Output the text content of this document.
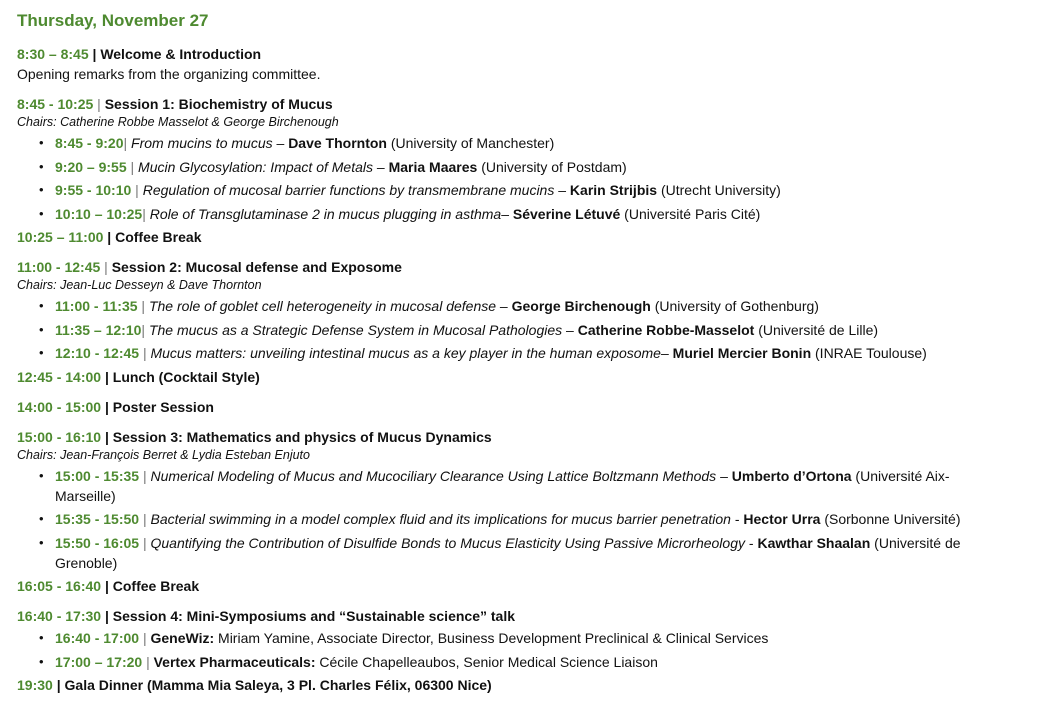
Thursday, November 27
8:30 – 8:45 | Welcome & Introduction
Opening remarks from the organizing committee.
8:45 - 10:25 | Session 1: Biochemistry of Mucus
Chairs: Catherine Robbe Masselot & George Birchenough
• 8:45 - 9:20| From mucins to mucus – Dave Thornton (University of Manchester)
• 9:20 – 9:55 | Mucin Glycosylation: Impact of Metals – Maria Maares (University of Postdam)
• 9:55 - 10:10 | Regulation of mucosal barrier functions by transmembrane mucins – Karin Strijbis (Utrecht University)
• 10:10 – 10:25| Role of Transglutaminase 2 in mucus plugging in asthma– Séverine Létuvé (Université Paris Cité)
10:25 – 11:00 | Coffee Break
11:00 - 12:45 | Session 2: Mucosal defense and Exposome
Chairs: Jean-Luc Desseyn & Dave Thornton
• 11:00 - 11:35 | The role of goblet cell heterogeneity in mucosal defense – George Birchenough (University of Gothenburg)
• 11:35 – 12:10| The mucus as a Strategic Defense System in Mucosal Pathologies – Catherine Robbe-Masselot (Université de Lille)
• 12:10 - 12:45 | Mucus matters: unveiling intestinal mucus as a key player in the human exposome– Muriel Mercier Bonin (INRAE Toulouse)
12:45 - 14:00 | Lunch (Cocktail Style)
14:00 - 15:00 | Poster Session
15:00 - 16:10 | Session 3: Mathematics and physics of Mucus Dynamics
Chairs: Jean-François Berret & Lydia Esteban Enjuto
• 15:00 - 15:35 | Numerical Modeling of Mucus and Mucociliary Clearance Using Lattice Boltzmann Methods – Umberto d’Ortona (Université Aix-Marseille)
• 15:35 - 15:50 | Bacterial swimming in a model complex fluid and its implications for mucus barrier penetration - Hector Urra (Sorbonne Université)
• 15:50 - 16:05 | Quantifying the Contribution of Disulfide Bonds to Mucus Elasticity Using Passive Microrheology - Kawthar Shaalan (Université de Grenoble)
16:05 - 16:40 | Coffee Break
16:40 - 17:30 | Session 4: Mini-Symposiums and “Sustainable science” talk
• 16:40 - 17:00 | GeneWiz: Miriam Yamine, Associate Director, Business Development Preclinical & Clinical Services
• 17:00 – 17:20 | Vertex Pharmaceuticals: Cécile Chapelleaubos, Senior Medical Science Liaison
19:30 | Gala Dinner (Mamma Mia Saleya, 3 Pl. Charles Félix, 06300 Nice)
